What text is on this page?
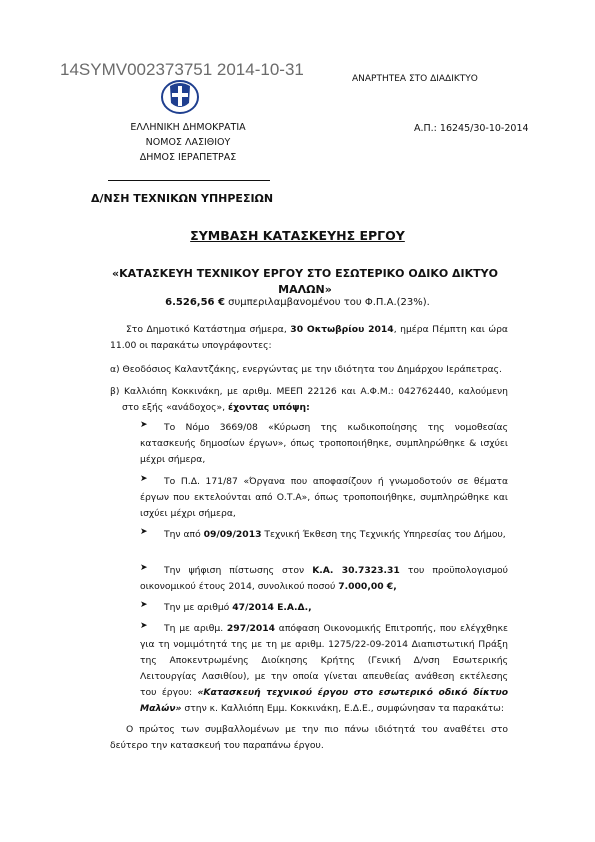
14SYMV002373751 2014-10-31	ΑΝΑΡΤΗΤΕΑ ΣΤΟ ΔΙΑΔΙΚΤΥΟ
ΕΛΛΗΝΙΚΗ ΔΗΜΟΚΡΑΤΙΑ
ΝΟΜΟΣ ΛΑΣΙΘΙΟΥ
ΔΗΜΟΣ ΙΕΡΑΠΕΤΡΑΣ
Α.Π.: 16245/30-10-2014
Δ/ΝΣΗ ΤΕΧΝΙΚΩΝ ΥΠΗΡΕΣΙΩΝ
ΣΥΜΒΑΣΗ ΚΑΤΑΣΚΕΥΗΣ ΕΡΓΟΥ
«ΚΑΤΑΣΚΕΥΗ ΤΕΧΝΙΚΟΥ ΕΡΓΟΥ ΣΤΟ ΕΣΩΤΕΡΙΚΟ ΟΔΙΚΟ ΔΙΚΤΥΟ
ΜΑΛΩΝ»
6.526,56 € συμπεριλαμβανομένου του Φ.Π.Α.(23%).
Στο Δημοτικό Κατάστημα σήμερα, 30 Οκτωβρίου 2014, ημέρα Πέμπτη και ώρα 11.00 οι παρακάτω υπογράφοντες:
α) Θεοδόσιος Καλαντζάκης, ενεργώντας με την ιδιότητα του Δημάρχου Ιεράπετρας.
β) Καλλιόπη Κοκκινάκη, με αριθμ. ΜΕΕΠ 22126 και Α.Φ.Μ.: 042762440, καλούμενη στο εξής «ανάδοχος», έχοντας υπόψη:
➤	Το Νόμο 3669/08 «Κύρωση της κωδικοποίησης της νομοθεσίας κατασκευής δημοσίων έργων», όπως τροποποιήθηκε, συμπληρώθηκε & ισχύει μέχρι σήμερα,
➤	Το Π.Δ. 171/87 «Όργανα που αποφασίζουν ή γνωμοδοτούν σε θέματα έργων που εκτελούνται από Ο.Τ.Α», όπως τροποποιήθηκε, συμπληρώθηκε και ισχύει μέχρι σήμερα,
➤	Την από 09/09/2013 Τεχνική Έκθεση της Τεχνικής Υπηρεσίας του Δήμου,
➤	Την ψήφιση πίστωσης στον Κ.Α. 30.7323.31 του προϋπολογισμού οικονομικού έτους 2014, συνολικού ποσού 7.000,00 €,
➤	Την με αριθμό 47/2014 Ε.Α.Δ.,
➤	Τη με αριθμ. 297/2014 απόφαση Οικονομικής Επιτροπής, που ελέγχθηκε για τη νομιμότητά της με τη με αριθμ. 1275/22-09-2014 Διαπιστωτική Πράξη της Αποκεντρωμένης Διοίκησης Κρήτης (Γενική Δ/νση Εσωτερικής Λειτουργίας Λασιθίου), με την οποία γίνεται απευθείας ανάθεση εκτέλεσης του έργου: «Κατασκευή τεχνικού έργου στο εσωτερικό οδικό δίκτυο Μαλών» στην κ. Καλλιόπη Εμμ. Κοκκινάκη, Ε.Δ.Ε., συμφώνησαν τα παρακάτω:
Ο πρώτος των συμβαλλομένων με την πιο πάνω ιδιότητά του αναθέτει στο δεύτερο την κατασκευή του παραπάνω έργου.
